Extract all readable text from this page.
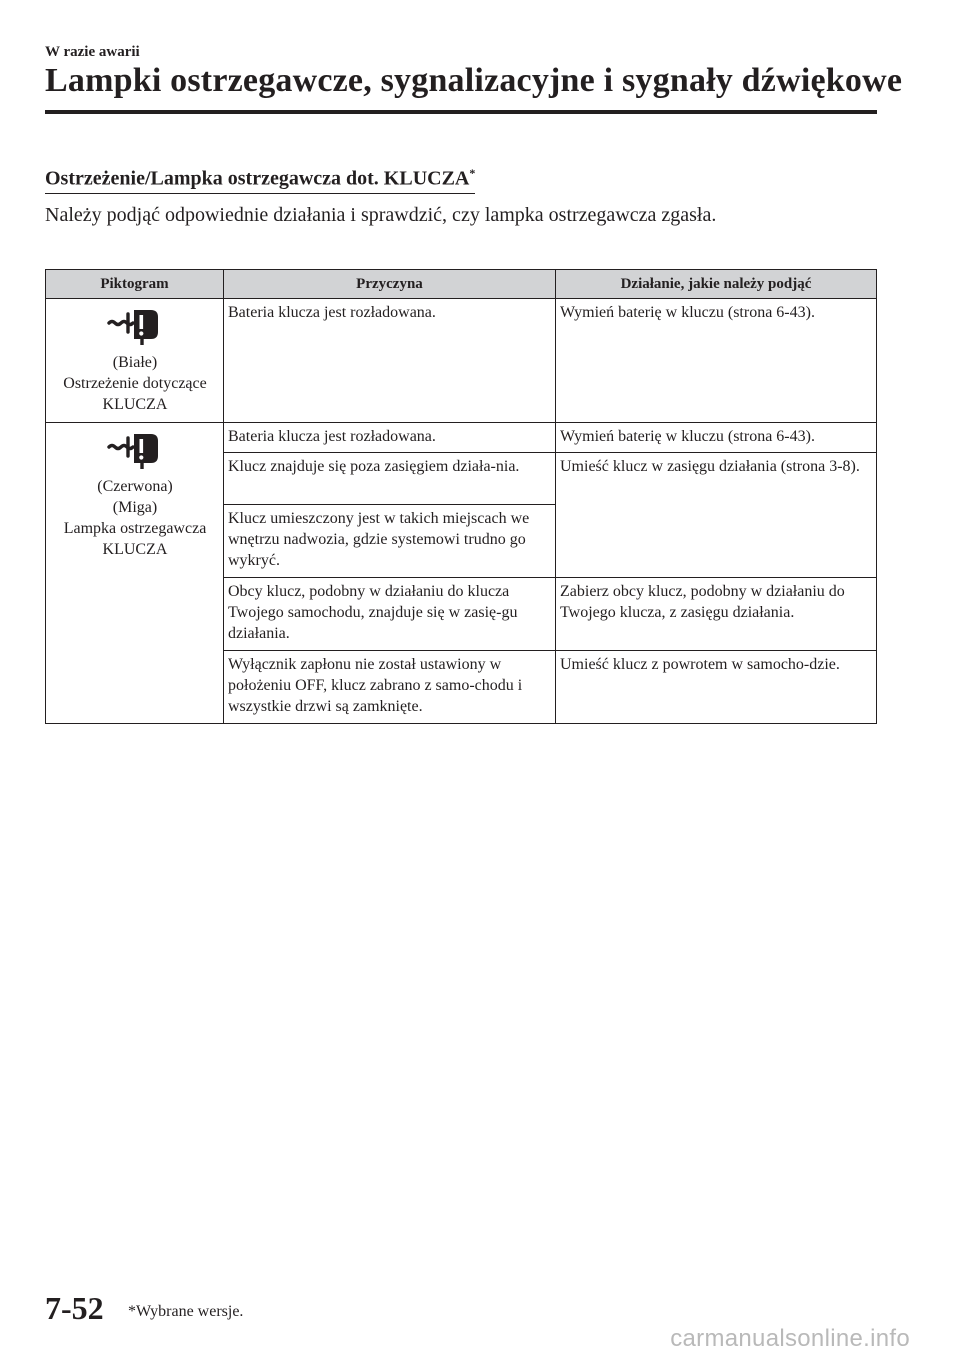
W razie awarii
Lampki ostrzegawcze, sygnalizacyjne i sygnały dźwiękowe
Ostrzeżenie/Lampka ostrzegawcza dot. KLUCZA*
Należy podjąć odpowiednie działania i sprawdzić, czy lampka ostrzegawcza zgasła.
Piktogram	Przyczyna	Działanie, jakie należy podjąć

(Białe)
Ostrzeżenie dotyczące
KLUCZA	Bateria klucza jest rozładowana.	Wymień baterię w kluczu (strona 6-43).

(Czerwona)
(Miga)
Lampka ostrzegawcza
KLUCZA	Bateria klucza jest rozładowana.	Wymień baterię w kluczu (strona 6-43).
	Klucz znajduje się poza zasięgiem działa-nia.	Umieść klucz w zasięgu działania (strona 3-8).
	Klucz umieszczony jest w takich miejscach we wnętrzu nadwozia, gdzie systemowi trudno go wykryć.	
	Obcy klucz, podobny w działaniu do klucza Twojego samochodu, znajduje się w zasię-gu działania.	Zabierz obcy klucz, podobny w działaniu do Twojego klucza, z zasięgu działania.
	Wyłącznik zapłonu nie został ustawiony w położeniu OFF, klucz zabrano z samo-chodu i wszystkie drzwi są zamknięte.	Umieść klucz z powrotem w samocho-dzie.
7-52 *Wybrane wersje.
carmanualsonline.info
